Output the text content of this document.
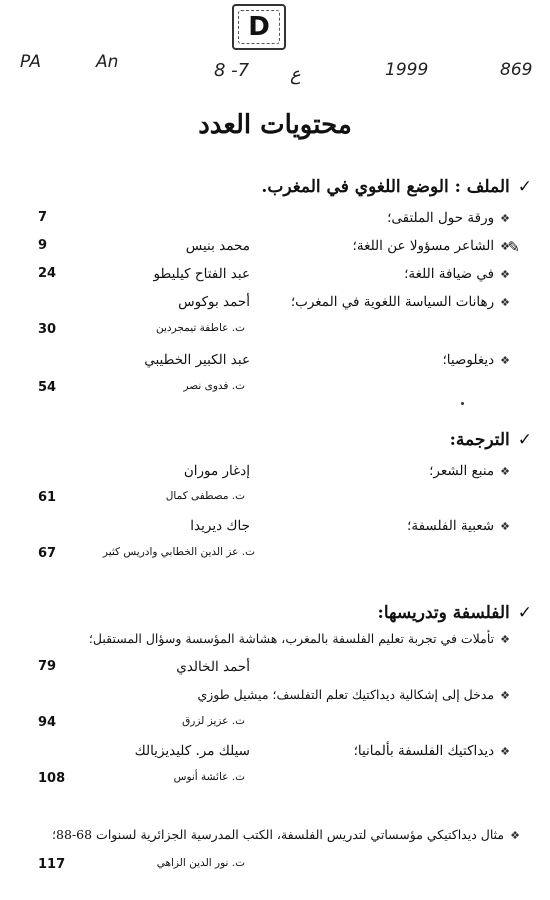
PA	An
D
8 -7 ع	1999	869
محتويات العدد
✓الملف : الوضع اللغوي في المغرب.
❖ورقة حول الملتقى؛
7
✎
❖الشاعر مسؤولا عن اللغة؛
محمد بنيس
9
❖في ضيافة اللغة؛
عبد الفتاح كيليطو
24
❖رهانات السياسة اللغوية في المغرب؛
أحمد بوكوس
ت. عاطفة تيمجردين
30
❖ديغلوصيا؛
عبد الكبير الخطيبي
ت. فدوى نصر
54
✓الترجمة:
❖منبع الشعر؛
إدغار موران
ت. مصطفى كمال
61
❖شعبية الفلسفة؛
جاك ديريدا
ت. عز الدين الخطابي وادريس كثير
67
✓الفلسفة وتدريسها:
❖تأملات في تجربة تعليم الفلسفة بالمغرب، هشاشة المؤسسة وسؤال المستقبل؛
أحمد الخالدي
79
❖مدخل إلى إشكالية ديداكتيك تعلم التفلسف؛ ميشيل طوزي
ت. عزيز لزرق
94
❖ديداكتيك الفلسفة بألمانيا؛
سيلك مر. كليديزيالك
ت. عائشة أنوس
108
❖مثال ديداكتيكي مؤسساتي لتدريس الفلسفة، الكتب المدرسية الجزائرية لسنوات 68-88؛
ت. نور الدين الزاهي
117
